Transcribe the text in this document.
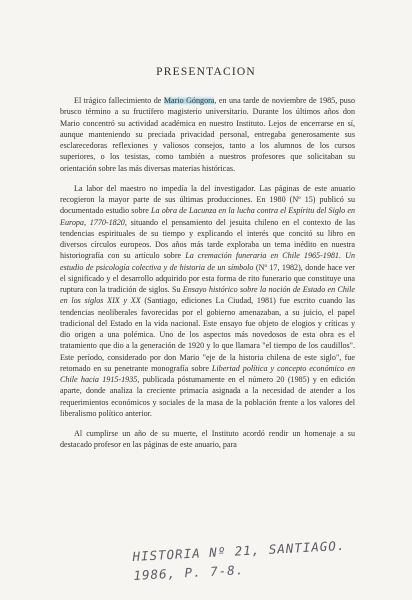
PRESENTACION

El trágico fallecimiento de Mario Góngora, en una tarde de noviembre de 1985, puso brusco término a su fructífero magisterio universitario. Durante los últimos años don Mario concentró su actividad académica en nuestro Instituto. Lejos de encerrarse en sí, aunque manteniendo su preciada privacidad personal, entregaba generosamente sus esclarecedoras reflexiones y valiosos consejos, tanto a los alumnos de los cursos superiores, o los tesistas, como también a nuestros profesores que solicitaban su orientación sobre las más diversas materias históricas.

La labor del maestro no impedía la del investigador. Las páginas de este anuario recogieron la mayor parte de sus últimas producciones. En 1980 (Nº 15) publicó su documentado estudio sobre La obra de Lacunza en la lucha contra el Espíritu del Siglo en Europa, 1770-1820, situando el pensamiento del jesuita chileno en el contexto de las tendencias espirituales de su tiempo y explicando el interés que concitó su libro en diversos círculos europeos. Dos años más tarde exploraba un tema inédito en nuestra historiografía con su artículo sobre La cremación funeraria en Chile 1965-1981. Un estudio de psicología colectiva y de historia de un símbolo (Nº 17, 1982), donde hace ver el significado y el desarrollo adquirido por esta forma de rito funerario que constituye una ruptura con la tradición de siglos. Su Ensayo histórico sobre la noción de Estado en Chile en los siglos XIX y XX (Santiago, ediciones La Ciudad, 1981) fue escrito cuando las tendencias neoliberales favorecidas por el gobierno amenazaban, a su juicio, el papel tradicional del Estado en la vida nacional. Este ensayo fue objeto de elogios y críticas y dio origen a una polémica. Uno de los aspectos más novedosos de esta obra es el tratamiento que dio a la generación de 1920 y lo que llamara "el tiempo de los caudillos". Este período, considerado por don Mario "eje de la historia chilena de este siglo", fue retomado en su penetrante monografía sobre Libertad política y concepto económico en Chile hacia 1915-1935, publicada póstumamente en el número 20 (1985) y en edición aparte, donde analiza la creciente primacía asignada a la necesidad de atender a los requerimientos económicos y sociales de la masa de la población frente a los valores del liberalismo político anterior.

Al cumplirse un año de su muerte, el Instituto acordó rendir un homenaje a su destacado profesor en las páginas de este anuario, para

HISTORIA Nº 21, SANTIAGO.
1986, P. 7-8.
